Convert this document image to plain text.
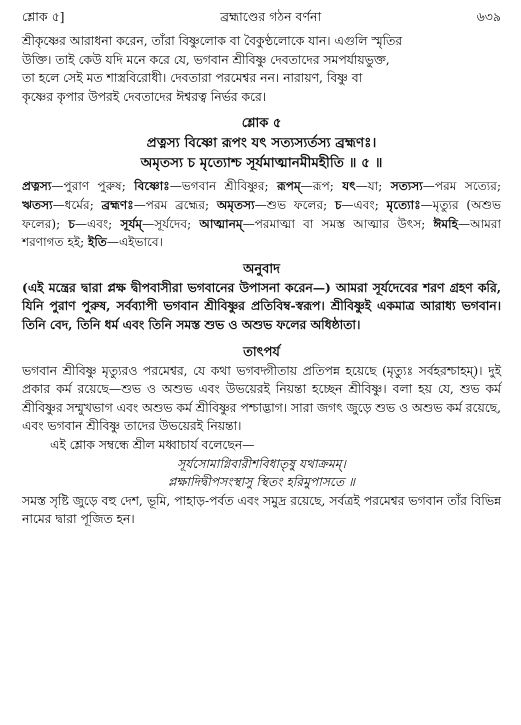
শ্লোক ৫]	ব্রহ্মাণ্ডের গঠন বর্ণনা	৬৩৯

শ্রীকৃষ্ণের আরাধনা করেন, তাঁরা বিষ্ণুলোক বা বৈকুণ্ঠলোকে যান। এগুলি স্মৃতির

উক্তি। তাই কেউ যদি মনে করে যে, ভগবান শ্রীবিষ্ণু দেবতাদের সমপর্যায়ভুক্ত,

তা হলে সেই মত শাস্ত্রবিরোধী। দেবতারা পরমেশ্বর নন। নারায়ণ, বিষ্ণু বা

কৃষ্ণের কৃপার উপরই দেবতাদের ঈশ্বরত্ব নির্ভর করে।

শ্লোক ৫

প্রত্নস্য বিষ্ণো রূপং যৎ সত্যস্যর্তস্য ব্রহ্মণঃ।

অমৃতস্য চ মৃত্যোশ্চ সূর্যমাত্মানমীমহীতি ॥ ৫ ॥

প্রত্নস্য—পুরাণ পুরুষ; বিষ্ণোঃ—ভগবান শ্রীবিষ্ণুর; রূপম্—রূপ; যৎ—যা; সত্যস্য—পরম সত্যের; ঋতস্য—ধর্মের; ব্রহ্মণঃ—পরম ব্রহ্মের; অমৃতস্য—শুভ ফলের; চ—এবং; মৃত্যোঃ—মৃত্যুর (অশুভ ফলের); চ—এবং; সূর্যম্—সূর্যদেব; আত্মানম্—পরমাত্মা বা সমস্ত আত্মার উৎস; ঈমহি—আমরা শরণাগত হই; ইতি—এইভাবে।
অনুবাদ

(এই মন্ত্রের দ্বারা প্লক্ষ দ্বীপবাসীরা ভগবানের উপাসনা করেন—) আমরা সূর্যদেবের শরণ গ্রহণ করি, যিনি পুরাণ পুরুষ, সর্বব্যাপী ভগবান শ্রীবিষ্ণুর প্রতিবিম্ব-স্বরূপ। শ্রীবিষ্ণুই একমাত্র আরাধ্য ভগবান। তিনি বেদ, তিনি ধর্ম এবং তিনি সমস্ত শুভ ও অশুভ ফলের অধিষ্ঠাতা।

তাৎপর্য

ভগবান শ্রীবিষ্ণু মৃত্যুরও পরমেশ্বর, যে কথা ভগবদ্গীতায় প্রতিপন্ন হয়েছে (মৃত্যুঃ সর্বহরশ্চাহম্)। দুই প্রকার কর্ম রয়েছে—শুভ ও অশুভ এবং উভয়েরই নিয়ন্তা হচ্ছেন শ্রীবিষ্ণু। বলা হয় যে, শুভ কর্ম শ্রীবিষ্ণুর সম্মুখভাগ এবং অশুভ কর্ম শ্রীবিষ্ণুর পশ্চাদ্ভাগ। সারা জগৎ জুড়ে শুভ ও অশুভ কর্ম রয়েছে, এবং ভগবান শ্রীবিষ্ণু তাদের উভয়েরই নিয়ন্তা।

এই শ্লোক সম্বন্ধে শ্রীল মধ্বাচার্য বলেছেন—

সূর্যসোমাগ্নিবারীশবিধাতৃষু যথাক্রমম্।

প্লক্ষাদিদ্বীপসংস্থাসু স্থিতং হরিমুপাসতে ॥

সমস্ত সৃষ্টি জুড়ে বহু দেশ, ভূমি, পাহাড়-পর্বত এবং সমুদ্র রয়েছে, সর্বত্রই পরমেশ্বর ভগবান তাঁর বিভিন্ন নামের দ্বারা পূজিত হন।
